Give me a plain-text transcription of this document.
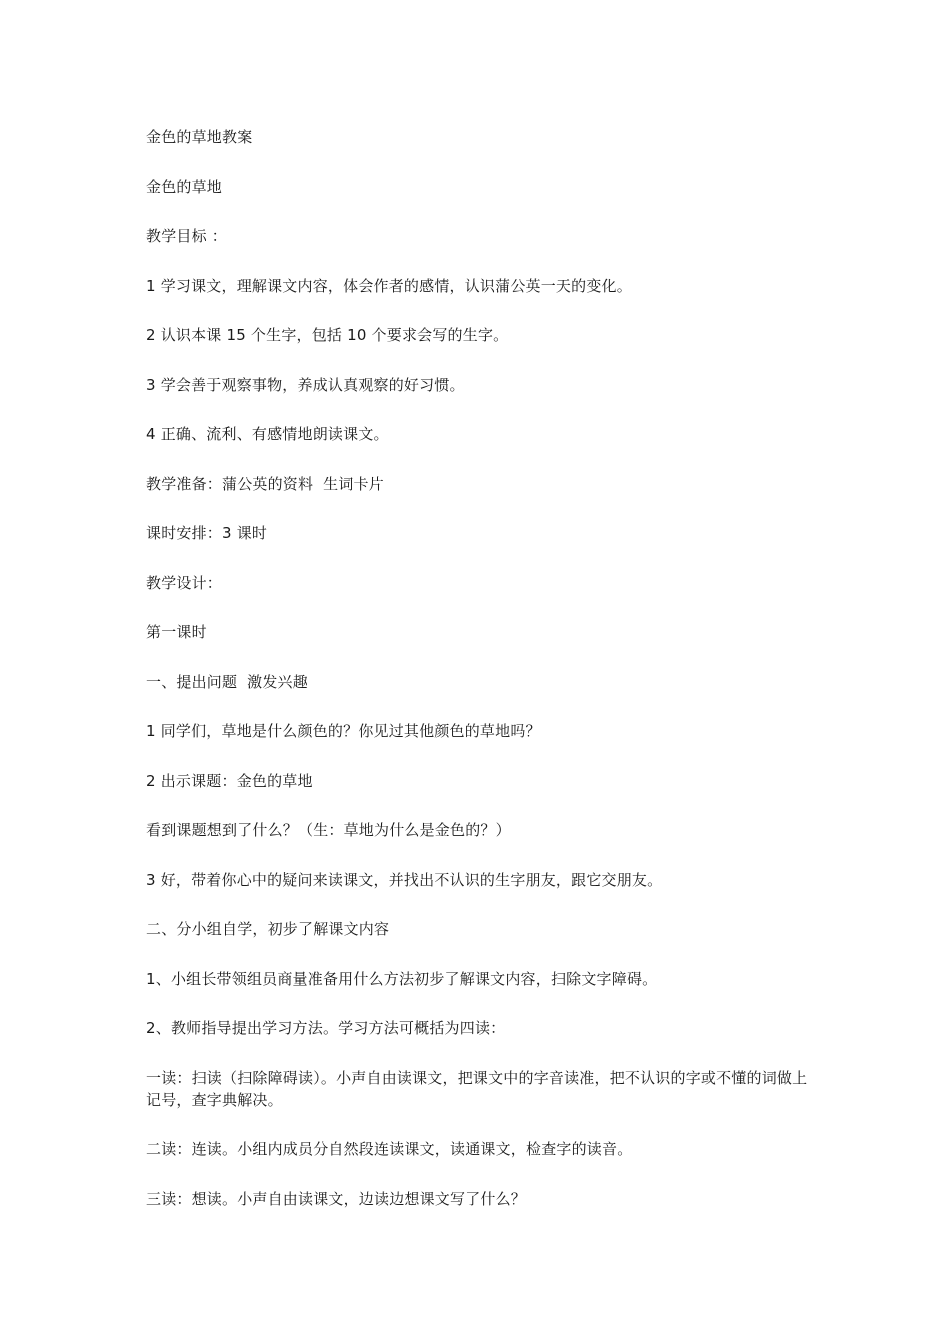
金色的草地教案

金色的草地

教学目标 ：

1 学习课文，理解课文内容，体会作者的感情，认识蒲公英一天的变化。

2 认识本课 15 个生字，包括 10 个要求会写的生字。

3 学会善于观察事物，养成认真观察的好习惯。

4 正确、流利、有感情地朗读课文。

教学准备：蒲公英的资料  生词卡片

课时安排：3 课时

教学设计：

第一课时

一、提出问题  激发兴趣

1 同学们，草地是什么颜色的？你见过其他颜色的草地吗？

2 出示课题：金色的草地

看到课题想到了什么？（生：草地为什么是金色的？）

3 好，带着你心中的疑问来读课文，并找出不认识的生字朋友，跟它交朋友。

二、分小组自学，初步了解课文内容

1、小组长带领组员商量准备用什么方法初步了解课文内容，扫除文字障碍。

2、教师指导提出学习方法。学习方法可概括为四读：

一读：扫读（扫除障碍读）。小声自由读课文，把课文中的字音读准，把不认识的字或不懂的词做上记号，查字典解决。

二读：连读。小组内成员分自然段连读课文，读通课文，检查字的读音。

三读：想读。小声自由读课文，边读边想课文写了什么？
